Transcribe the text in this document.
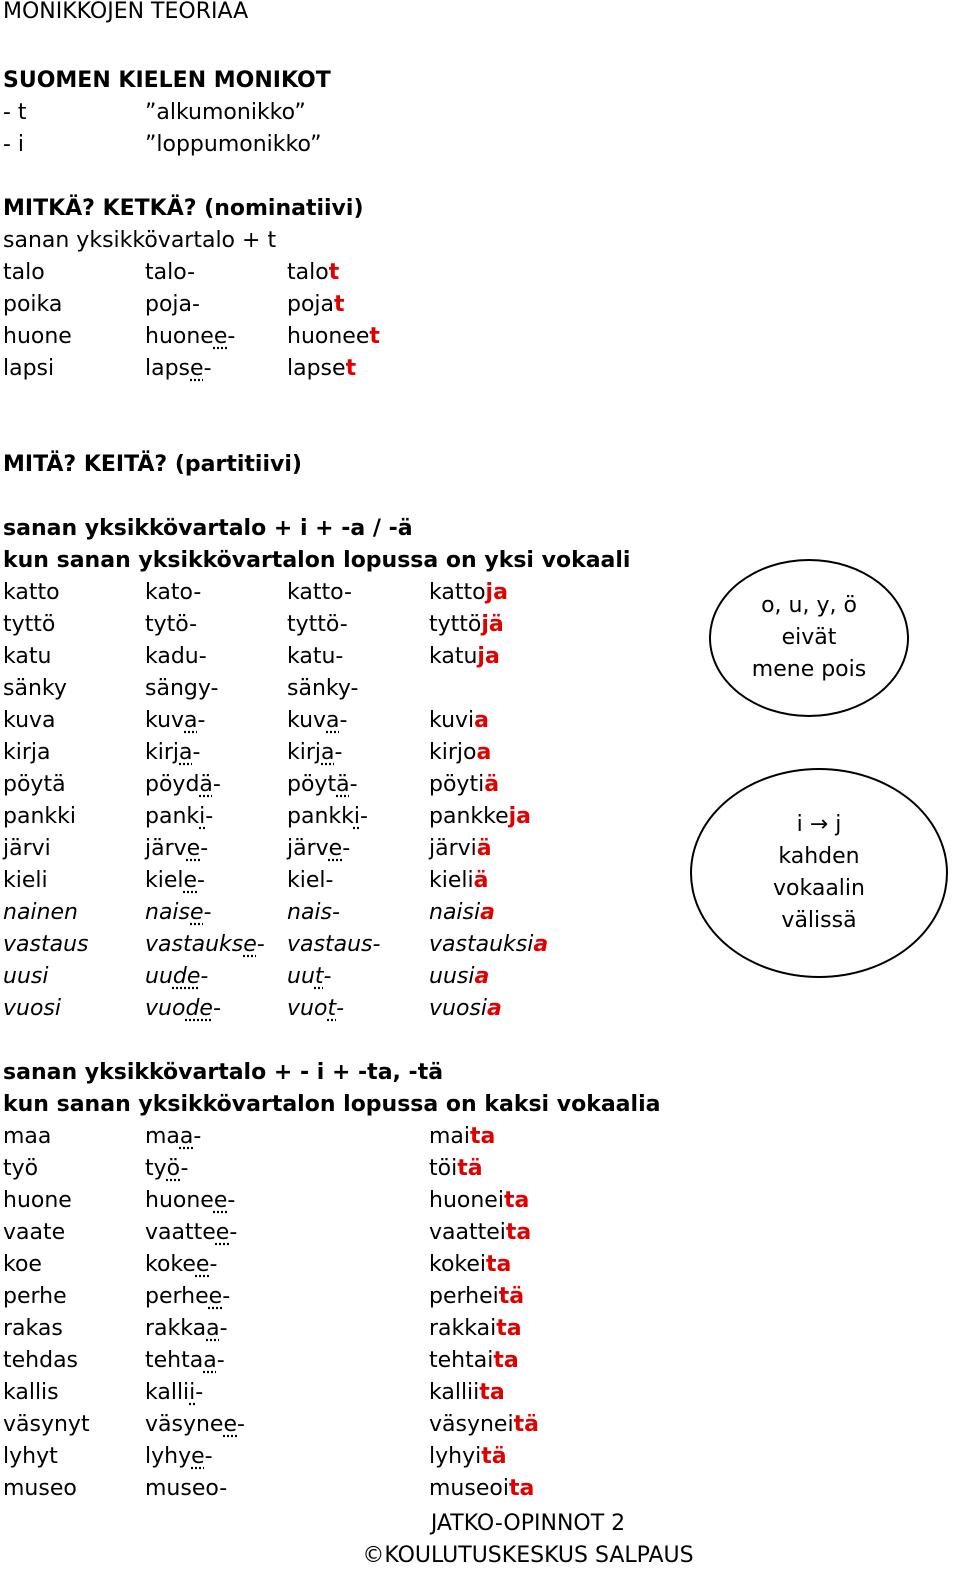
MONIKKOJEN TEORIAA
SUOMEN KIELEN MONIKOT
- t	”alkumonikko”
- i	”loppumonikko”
MITKÄ? KETKÄ? (nominatiivi)
sanan yksikkövartalo + t
talo	talo-	talot
poika	poja-	pojat
huone	huonee- huoneet
lapsi	lapse-	lapset
MITÄ? KEITÄ? (partitiivi)
sanan yksikkövartalo + i + -a / -ä
kun sanan yksikkövartalon lopussa on yksi vokaali
katto	kato-	katto-	kattoja
tyttö	tytö-	tyttö-	tyttöjä
katu	kadu-	katu-	katuja
sänky	sängy-	sänky-
kuva	kuva-	kuva-	kuvia
kirja	kirja-	kirja-	kirjoa
pöytä	pöydä-	pöytä-	pöytiä
pankki	panki-	pankki-	pankkeja
järvi	järve-	järve-	järviä
kieli	kiele-	kiel-	kieliä
nainen	naise-	nais-	naisia
vastaus	vastaukse- vastaus- vastauksia
uusi	uude-	uut-	uusia
vuosi	vuode-	vuot-	vuosia
o, u, y, ö
eivät
mene pois
i → j
kahden
vokaalin
välissä
sanan yksikkövartalo + - i + -ta, -tä
kun sanan yksikkövartalon lopussa on kaksi vokaalia
maa	maa-	maita
työ	työ-	töitä
huone	huonee-	huoneita
vaate	vaattee-	vaatteita
koe	kokee-	kokeita
perhe	perhee-	perheitä
rakas	rakkaa-	rakkaita
tehdas	tehtaa-	tehtaita
kallis	kallii-	kalliita
väsynyt	väsynee-	väsyneitä
lyhyt	lyhye-	lyhyitä
museo	museo-	museoita
JATKO-OPINNOT 2
©KOULUTUSKESKUS SALPAUS
